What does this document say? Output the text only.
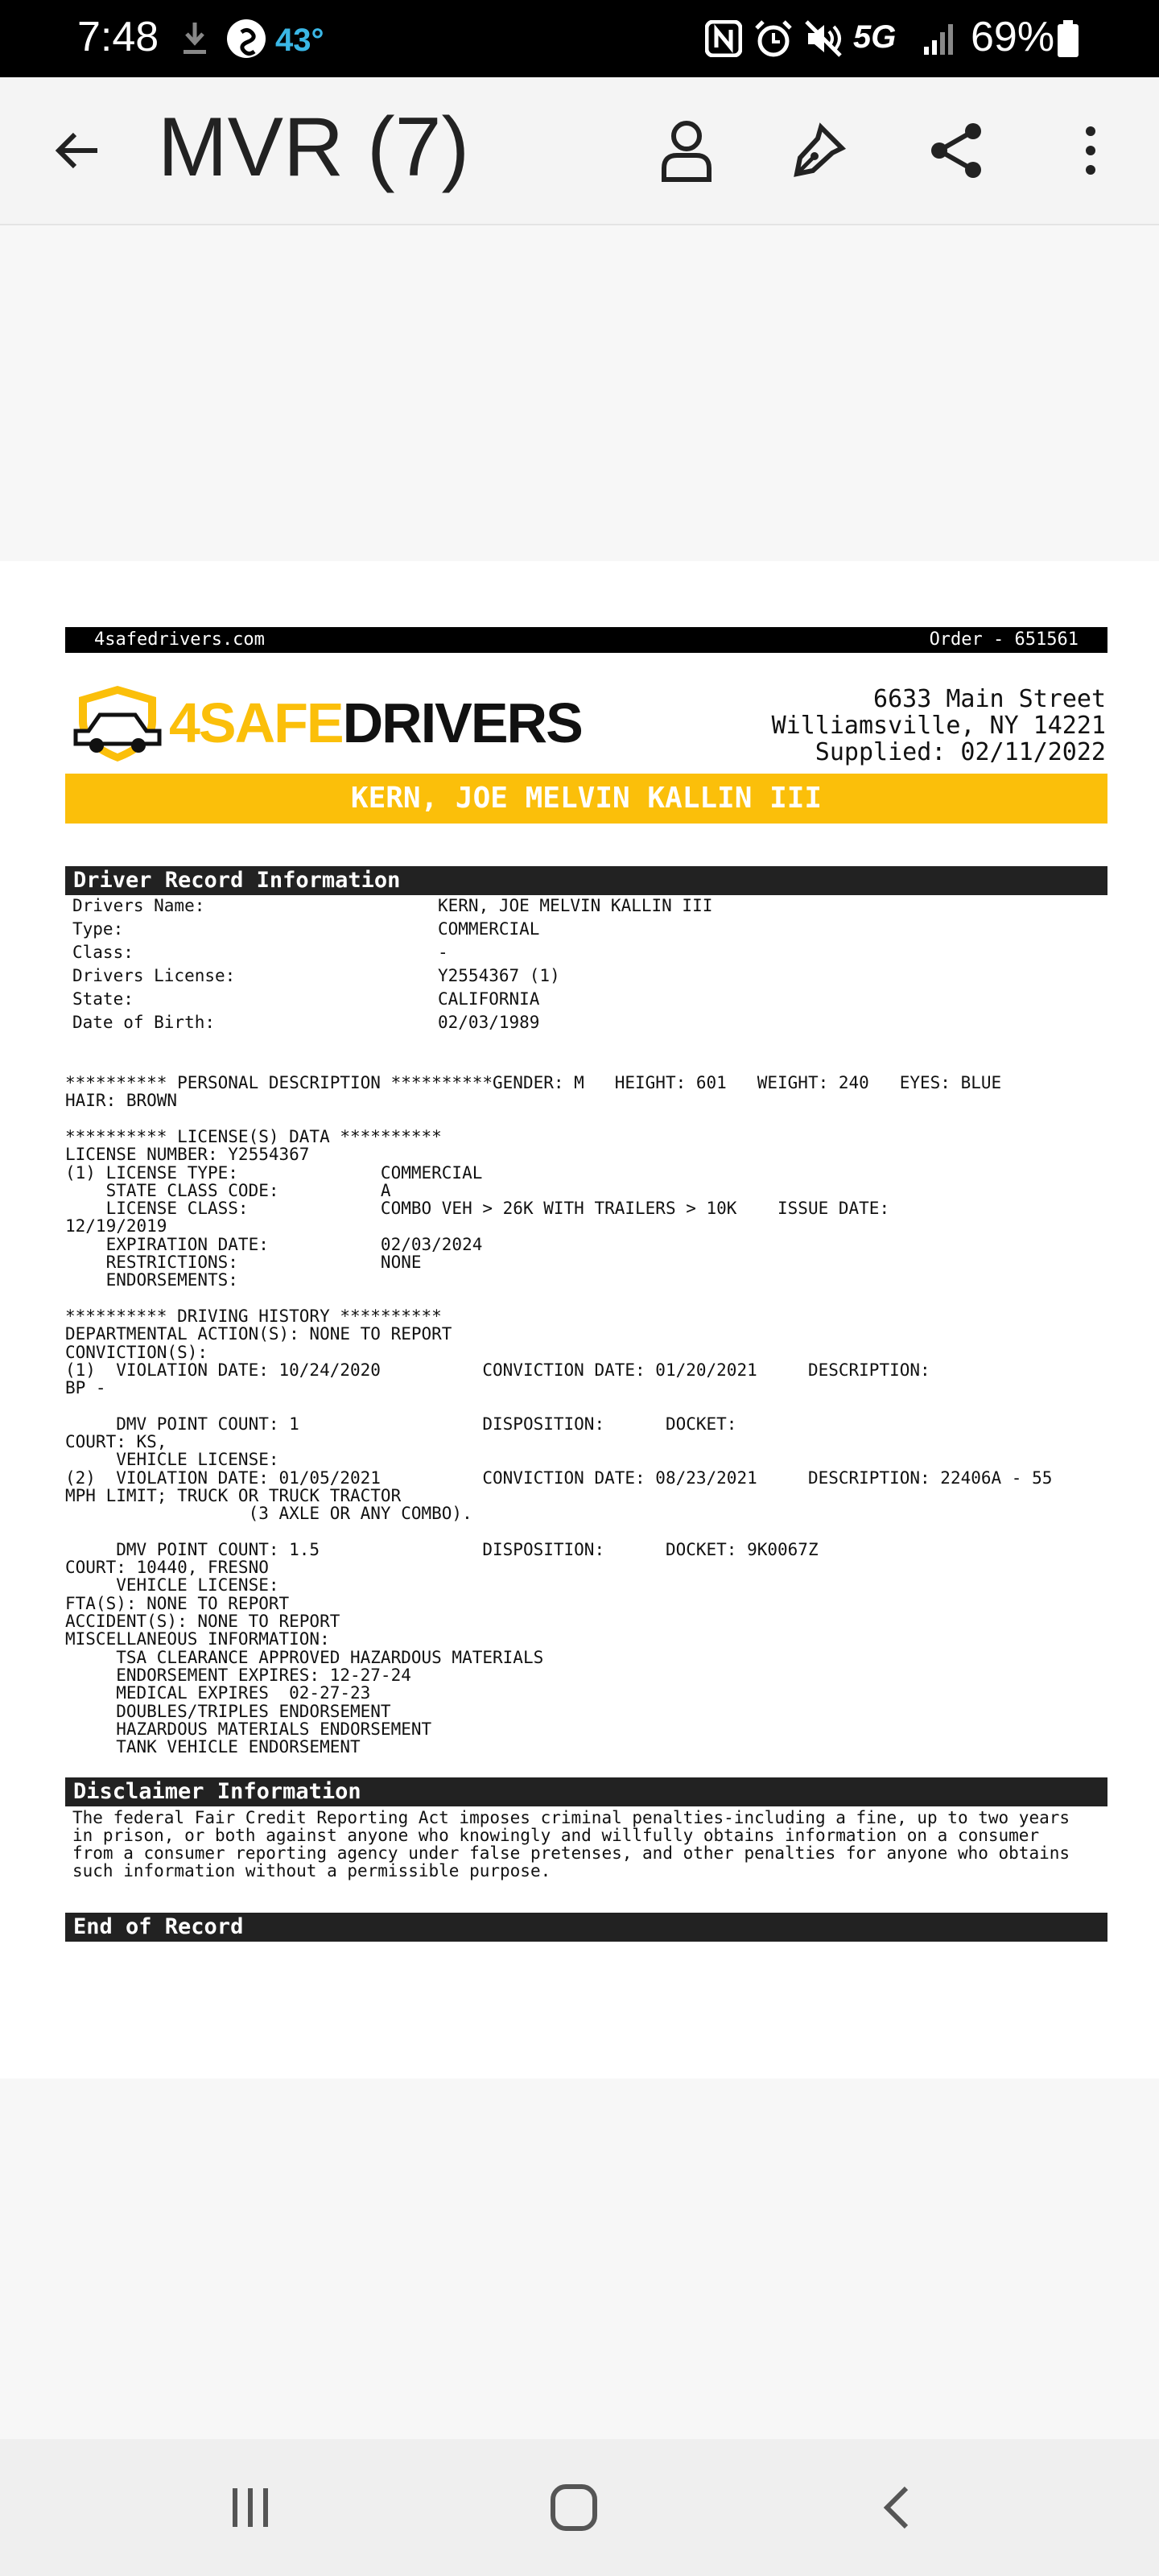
7:48	43°	5G 69%
MVR (7)
4safedrivers.com	Order - 651561
4SAFEDRIVERS	6633 Main Street
Williamsville, NY 14221
Supplied: 02/11/2022
KERN, JOE MELVIN KALLIN III
Driver Record Information
Drivers Name:	KERN, JOE MELVIN KALLIN III
Type:	COMMERCIAL
Class:	-
Drivers License:	Y2554367 (1)
State:	CALIFORNIA
Date of Birth:	02/03/1989
********** PERSONAL DESCRIPTION **********GENDER: M   HEIGHT: 601   WEIGHT: 240   EYES: BLUE
HAIR: BROWN
********** LICENSE(S) DATA **********
LICENSE NUMBER: Y2554367
(1) LICENSE TYPE:              COMMERCIAL
STATE CLASS CODE:          A
LICENSE CLASS:             COMBO VEH > 26K WITH TRAILERS > 10K    ISSUE DATE:
12/19/2019
EXPIRATION DATE:           02/03/2024
RESTRICTIONS:              NONE
ENDORSEMENTS:
********** DRIVING HISTORY **********
DEPARTMENTAL ACTION(S): NONE TO REPORT
CONVICTION(S):
(1)  VIOLATION DATE: 10/24/2020          CONVICTION DATE: 01/20/2021     DESCRIPTION:
BP -
DMV POINT COUNT: 1                  DISPOSITION:      DOCKET:
COURT: KS,
VEHICLE LICENSE:
(2)  VIOLATION DATE: 01/05/2021          CONVICTION DATE: 08/23/2021     DESCRIPTION: 22406A - 55
MPH LIMIT; TRUCK OR TRUCK TRACTOR
(3 AXLE OR ANY COMBO).
DMV POINT COUNT: 1.5                DISPOSITION:      DOCKET: 9K0067Z
COURT: 10440, FRESNO
VEHICLE LICENSE:
FTA(S): NONE TO REPORT
ACCIDENT(S): NONE TO REPORT
MISCELLANEOUS INFORMATION:
TSA CLEARANCE APPROVED HAZARDOUS MATERIALS
ENDORSEMENT EXPIRES: 12-27-24
MEDICAL EXPIRES  02-27-23
DOUBLES/TRIPLES ENDORSEMENT
HAZARDOUS MATERIALS ENDORSEMENT
TANK VEHICLE ENDORSEMENT
Disclaimer Information
The federal Fair Credit Reporting Act imposes criminal penalties-including a fine, up to two years
in prison, or both against anyone who knowingly and willfully obtains information on a consumer
from a consumer reporting agency under false pretenses, and other penalties for anyone who obtains
such information without a permissible purpose.
End of Record
